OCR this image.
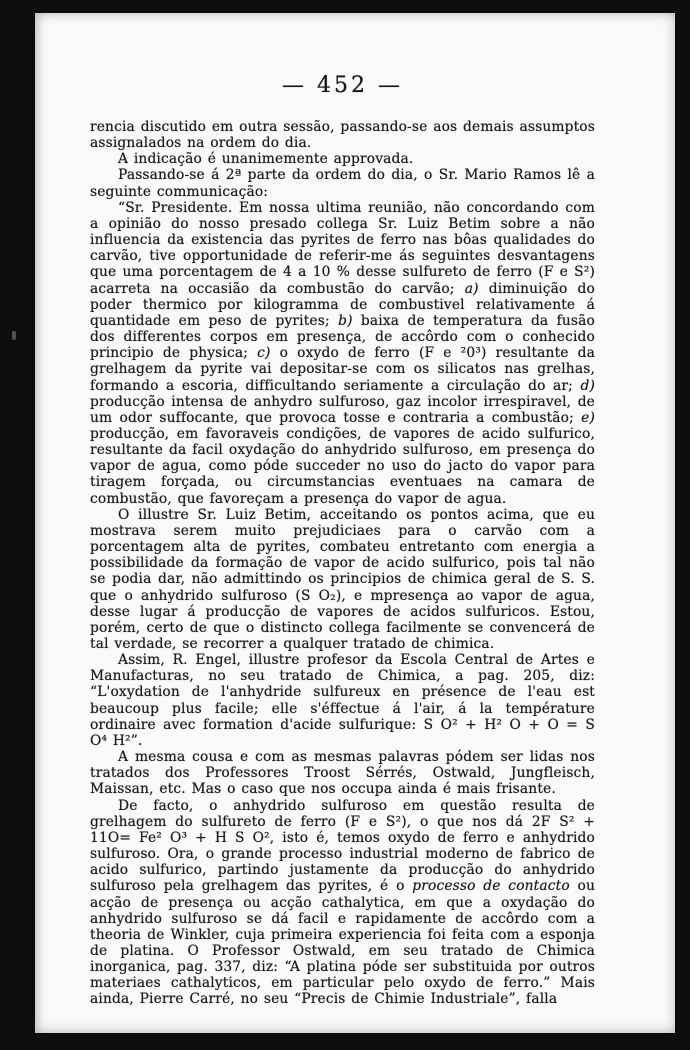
— 452 —

rencia discutido em outra sessão, passando-se aos demais assumptos assignalados na ordem do dia.

A indicação é unanimemente approvada.

Passando-se á 2ª parte da ordem do dia, o Sr. Mario Ramos lê a seguinte communicação:

“Sr. Presidente. Em nossa ultima reunião, não concordando com a opinião do nosso presado collega Sr. Luiz Betim sobre a não influencia da existencia das pyrites de ferro nas bôas qualidades do carvão, tive opportunidade de referir-me ás seguintes desvantagens que uma porcentagem de 4 a 10 % desse sulfureto de ferro (F e S²) acarreta na occasião da combustão do carvão; a) diminuição do poder thermico por kilogramma de combustivel relativamente á quantidade em peso de pyrites; b) baixa de temperatura da fusão dos differentes corpos em presença, de accôrdo com o conhecido principio de physica; c) o oxydo de ferro (F e ²0³) resultante da grelhagem da pyrite vai depositar-se com os silicatos nas grelhas, formando a escoria, difficultando seriamente a circulação do ar; d) producção intensa de anhydro sulfuroso, gaz incolor irrespiravel, de um odor suffocante, que provoca tosse e contraria a combustão; e) producção, em favoraveis condições, de vapores de acido sulfurico, resultante da facil oxydação do anhydrido sulfuroso, em presença do vapor de agua, como póde succeder no uso do jacto do vapor para tiragem forçada, ou circumstancias eventuaes na camara de combustão, que favoreçam a presença do vapor de agua.

O illustre Sr. Luiz Betim, acceitando os pontos acima, que eu mostrava serem muito prejudiciaes para o carvão com a porcentagem alta de pyrites, combateu entretanto com energia a possibilidade da formação de vapor de acido sulfurico, pois tal não se podia dar, não admittindo os principios de chimica geral de S. S. que o anhydrido sulfuroso (S O₂), e mpresença ao vapor de agua, desse lugar á producção de vapores de acidos sulfuricos. Estou, porém, certo de que o distincto collega facilmente se convencerá de tal verdade, se recorrer a qualquer tratado de chimica.

Assim, R. Engel, illustre profesor da Escola Central de Artes e Manufacturas, no seu tratado de Chimica, a pag. 205, diz: “L'oxydation de l'anhydride sulfureux en présence de l'eau est beaucoup plus facile; elle s'éffectue á l'air, á la température ordinaire avec formation d'acide sulfurique: S O² + H² O + O = S O⁴ H²”.

A mesma cousa e com as mesmas palavras pódem ser lidas nos tratados dos Professores Troost Sérrés, Ostwald, Jungfleisch, Maissan, etc. Mas o caso que nos occupa ainda é mais frisante.

De facto, o anhydrido sulfuroso em questão resulta de grelhagem do sulfureto de ferro (F e S²), o que nos dá 2F S² + 11O= Fe² O³ + H S O², isto é, temos oxydo de ferro e anhydrido sulfuroso. Ora, o grande processo industrial moderno de fabrico de acido sulfurico, partindo justamente da producção do anhydrido sulfuroso pela grelhagem das pyrites, é o processo de contacto ou acção de presença ou acção cathalytica, em que a oxydação do anhydrido sulfuroso se dá facil e rapidamente de accôrdo com a theoria de Winkler, cuja primeira experiencia foi feita com a esponja de platina. O Professor Ostwald, em seu tratado de Chimica inorganica, pag. 337, diz: “A platina póde ser substituida por outros materiaes cathalyticos, em particular pelo oxydo de ferro.” Mais ainda, Pierre Carré, no seu “Precis de Chimie Industriale”, falla
